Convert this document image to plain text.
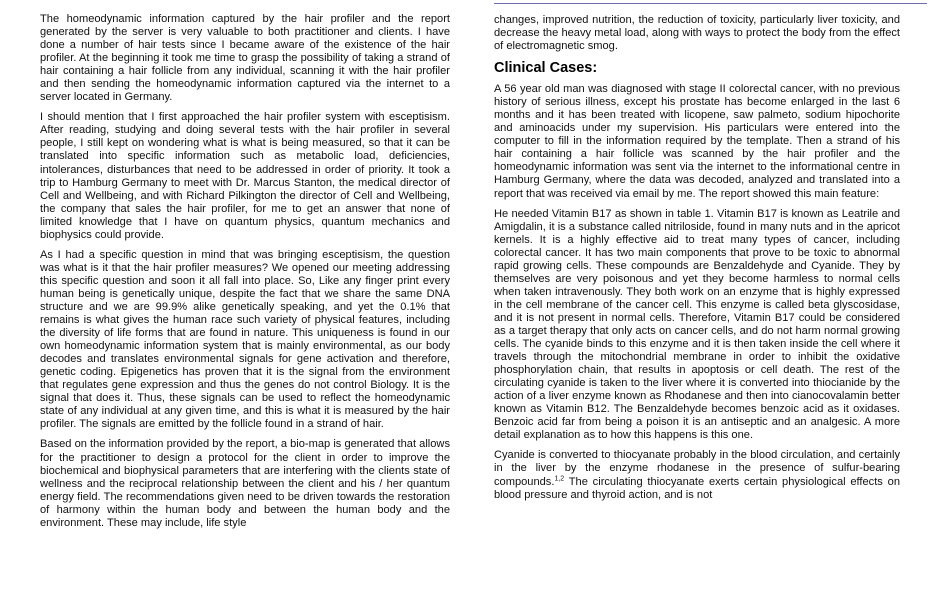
The homeodynamic information captured by the hair profiler and the report generated by the server is very valuable to both practitioner and clients. I have done a number of hair tests since I became aware of the existence of the hair profiler. At the beginning it took me time to grasp the possibility of taking a strand of hair containing a hair follicle from any individual, scanning it with the hair profiler and then sending the homeodynamic information captured via the internet to a server located in Germany.

I should mention that I first approached the hair profiler system with esceptisism. After reading, studying and doing several tests with the hair profiler in several people, I still kept on wondering what is what is being measured, so that it can be translated into specific information such as metabolic load, deficiencies, intolerances, disturbances that need to be addressed in order of priority. It took a trip to Hamburg Germany to meet with Dr. Marcus Stanton, the medical director of Cell and Wellbeing, and with Richard Pilkington the director of Cell and Wellbeing, the company that sales the hair profiler, for me to get an answer that none of limited knowledge that I have on quantum physics, quantum mechanics and biophysics could provide.

As I had a specific question in mind that was bringing esceptisism, the question was what is it that the hair profiler measures? We opened our meeting addressing this specific question and soon it all fall into place. So, Like any finger print every human being is genetically unique, despite the fact that we share the same DNA structure and we are 99.9% alike genetically speaking, and yet the 0.1% that remains is what gives the human race such variety of physical features, including the diversity of life forms that are found in nature. This uniqueness is found in our own homeodynamic information system that is mainly environmental, as our body decodes and translates environmental signals for gene activation and therefore, genetic coding. Epigenetics has proven that it is the signal from the environment that regulates gene expression and thus the genes do not control Biology. It is the signal that does it. Thus, these signals can be used to reflect the homeodynamic state of any individual at any given time, and this is what it is measured by the hair profiler. The signals are emitted by the follicle found in a strand of hair.

Based on the information provided by the report, a bio-map is generated that allows for the practitioner to design a protocol for the client in order to improve the biochemical and biophysical parameters that are interfering with the clients state of wellness and the reciprocal relationship between the client and his / her quantum energy field. The recommendations given need to be driven towards the restoration of harmony within the human body and between the human body and the environment. These may include, life style

changes, improved nutrition, the reduction of toxicity, particularly liver toxicity, and decrease the heavy metal load, along with ways to protect the body from the effect of electromagnetic smog.

Clinical Cases:

A 56 year old man was diagnosed with stage II colorectal cancer, with no previous history of serious illness, except his prostate has become enlarged in the last 6 months and it has been treated with licopene, saw palmeto, sodium hipochorite and aminoacids under my supervision. His particulars were entered into the computer to fill in the information required by the template. Then a strand of his hair containing a hair follicle was scanned by the hair profiler and the homeodynamic information was sent via the internet to the informational centre in Hamburg Germany, where the data was decoded, analyzed and translated into a report that was received via email by me. The report showed this main feature:

He needed Vitamin B17 as shown in table 1. Vitamin B17 is known as Leatrile and Amigdalin, it is a substance called nitriloside, found in many nuts and in the apricot kernels. It is a highly effective aid to treat many types of cancer, including colorectal cancer. It has two main components that prove to be toxic to abnormal rapid growing cells. These compounds are Benzaldehyde and Cyanide. They by themselves are very poisonous and yet they become harmless to normal cells when taken intravenously. They both work on an enzyme that is highly expressed in the cell membrane of the cancer cell. This enzyme is called beta glyscosidase, and it is not present in normal cells. Therefore, Vitamin B17 could be considered as a target therapy that only acts on cancer cells, and do not harm normal growing cells. The cyanide binds to this enzyme and it is then taken inside the cell where it travels through the mitochondrial membrane in order to inhibit the oxidative phosphorylation chain, that results in apoptosis or cell death. The rest of the circulating cyanide is taken to the liver where it is converted into thiocianide by the action of a liver enzyme known as Rhodanese and then into cianocovalamin better known as Vitamin B12. The Benzaldehyde becomes benzoic acid as it oxidases. Benzoic acid far from being a poison it is an antiseptic and an analgesic. A more detail explanation as to how this happens is this one.

Cyanide is converted to thiocyanate probably in the blood circulation, and certainly in the liver by the enzyme rhodanese in the presence of sulfur-bearing compounds.$^{1,2}$ The circulating thiocyanate exerts certain physiological effects on blood pressure and thyroid action, and is not
